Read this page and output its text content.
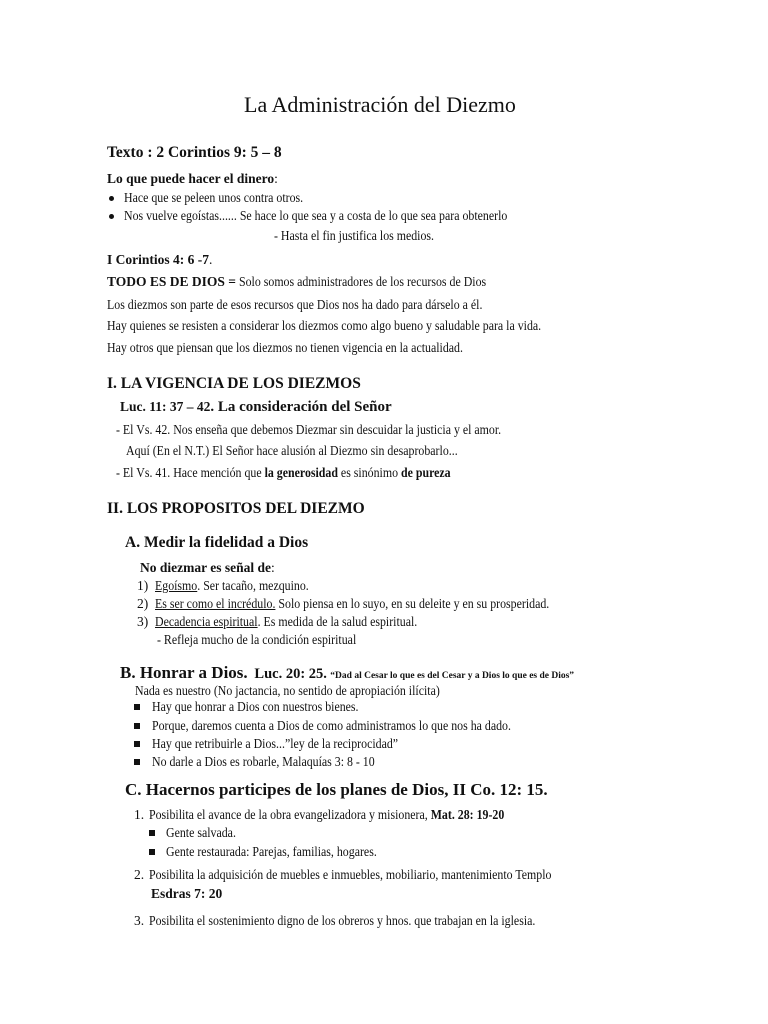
La Administración del Diezmo
Texto : 2 Corintios 9: 5 – 8
Lo que puede hacer el dinero:
Hace que se peleen unos contra otros.
Nos vuelve egoístas...... Se hace lo que sea y a costa de lo que sea para obtenerlo
- Hasta el fin justifica los medios.
I Corintios 4: 6 -7.
TODO ES DE DIOS = Solo somos administradores de los recursos de Dios
Los diezmos son parte de esos recursos que Dios nos ha dado para dárselo a él.
Hay quienes se resisten a considerar los diezmos como algo bueno y saludable para la vida.
Hay otros que piensan que los diezmos no tienen vigencia en la actualidad.
I. LA VIGENCIA DE LOS DIEZMOS
Luc. 11: 37 – 42. La consideración del Señor
- El Vs. 42. Nos enseña que debemos Diezmar sin descuidar la justicia y el amor.
Aquí (En el N.T.) El Señor hace alusión al Diezmo sin desaprobarlo...
- El Vs. 41. Hace mención que la generosidad es sinónimo de pureza
II. LOS PROPOSITOS DEL DIEZMO
A. Medir la fidelidad a Dios
No diezmar es señal de:
1) Egoísmo. Ser tacaño, mezquino.
2) Es ser como el incrédulo. Solo piensa en lo suyo, en su deleite y en su prosperidad.
3) Decadencia espiritual. Es medida de la salud espiritual.
- Refleja mucho de la condición espiritual
B. Honrar a Dios. Luc. 20: 25. “Dad al Cesar lo que es del Cesar y a Dios lo que es de Dios”
Nada es nuestro (No jactancia, no sentido de apropiación ilícita)
Hay que honrar a Dios con nuestros bienes.
Porque, daremos cuenta a Dios de como administramos lo que nos ha dado.
Hay que retribuirle a Dios...”ley de la reciprocidad”
No darle a Dios es robarle, Malaquías 3: 8 - 10
C. Hacernos participes de los planes de Dios, II Co. 12: 15.
1. Posibilita el avance de la obra evangelizadora y misionera, Mat. 28: 19-20
Gente salvada.
Gente restaurada: Parejas, familias, hogares.
2. Posibilita la adquisición de muebles e inmuebles, mobiliario, mantenimiento Templo
Esdras 7: 20
3. Posibilita el sostenimiento digno de los obreros y hnos. que trabajan en la iglesia.
